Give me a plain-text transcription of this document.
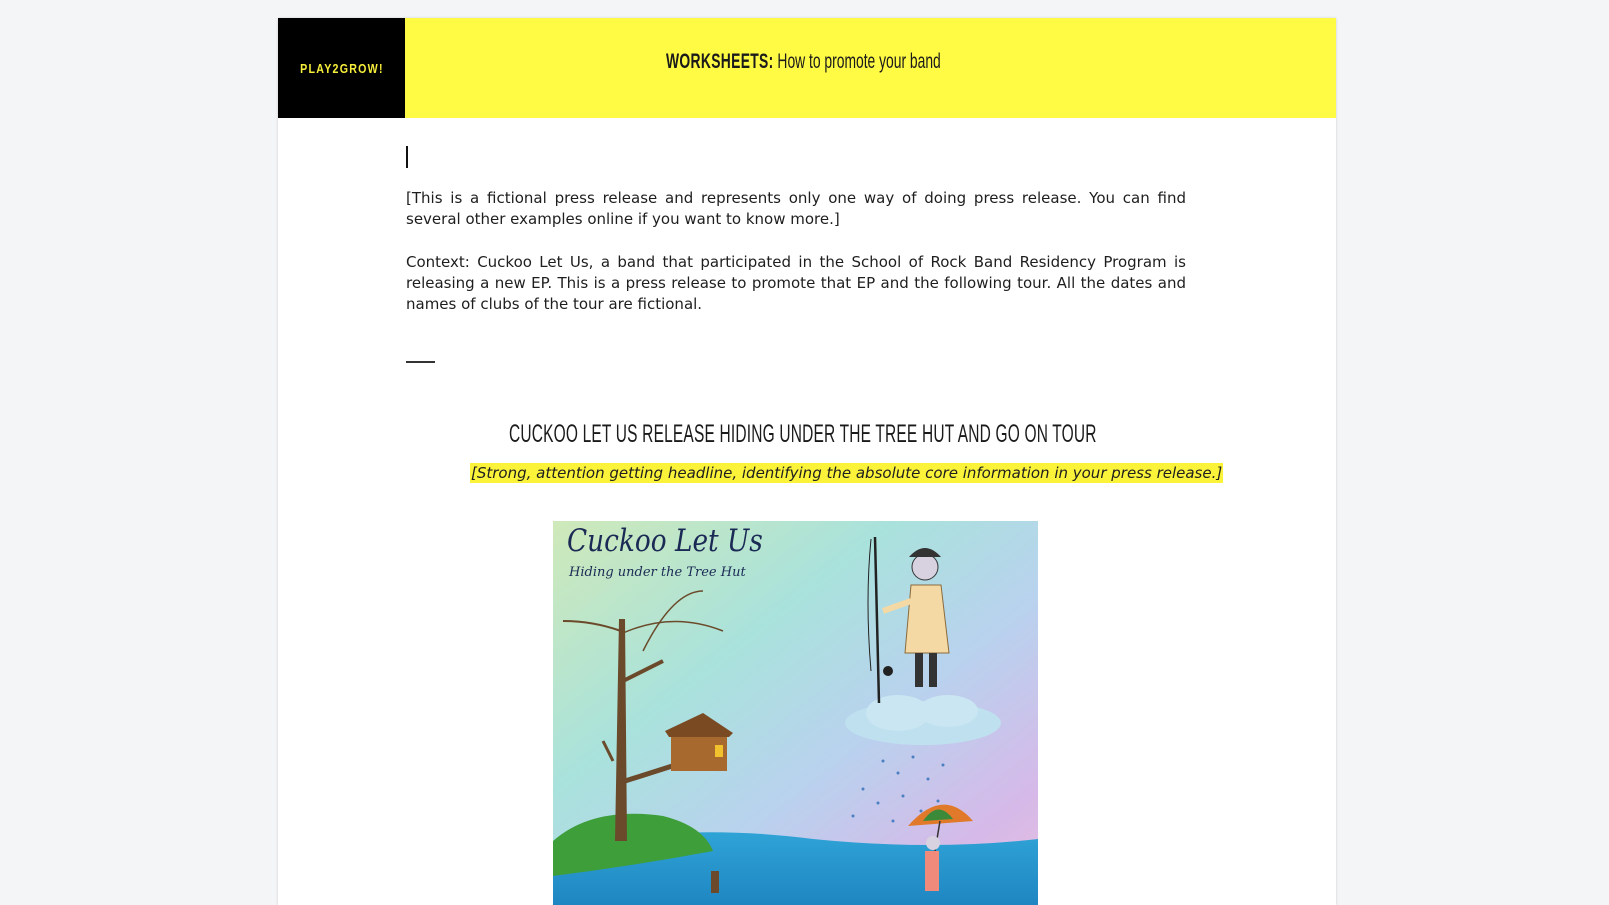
PLAY2GROW!	WORKSHEETS: How to promote your band

[This is a fictional press release and represents only one way of doing press release. You can find several other examples online if you want to know more.]

Context: Cuckoo Let Us, a band that participated in the School of Rock Band Residency Program is releasing a new EP. This is a press release to promote that EP and the following tour. All the dates and names of clubs of the tour are fictional.

CUCKOO LET US RELEASE HIDING UNDER THE TREE HUT AND GO ON TOUR
[Strong, attention getting headline, identifying the absolute core information in your press release.]
Cuckoo Let Us
Hiding under the Tree Hut
